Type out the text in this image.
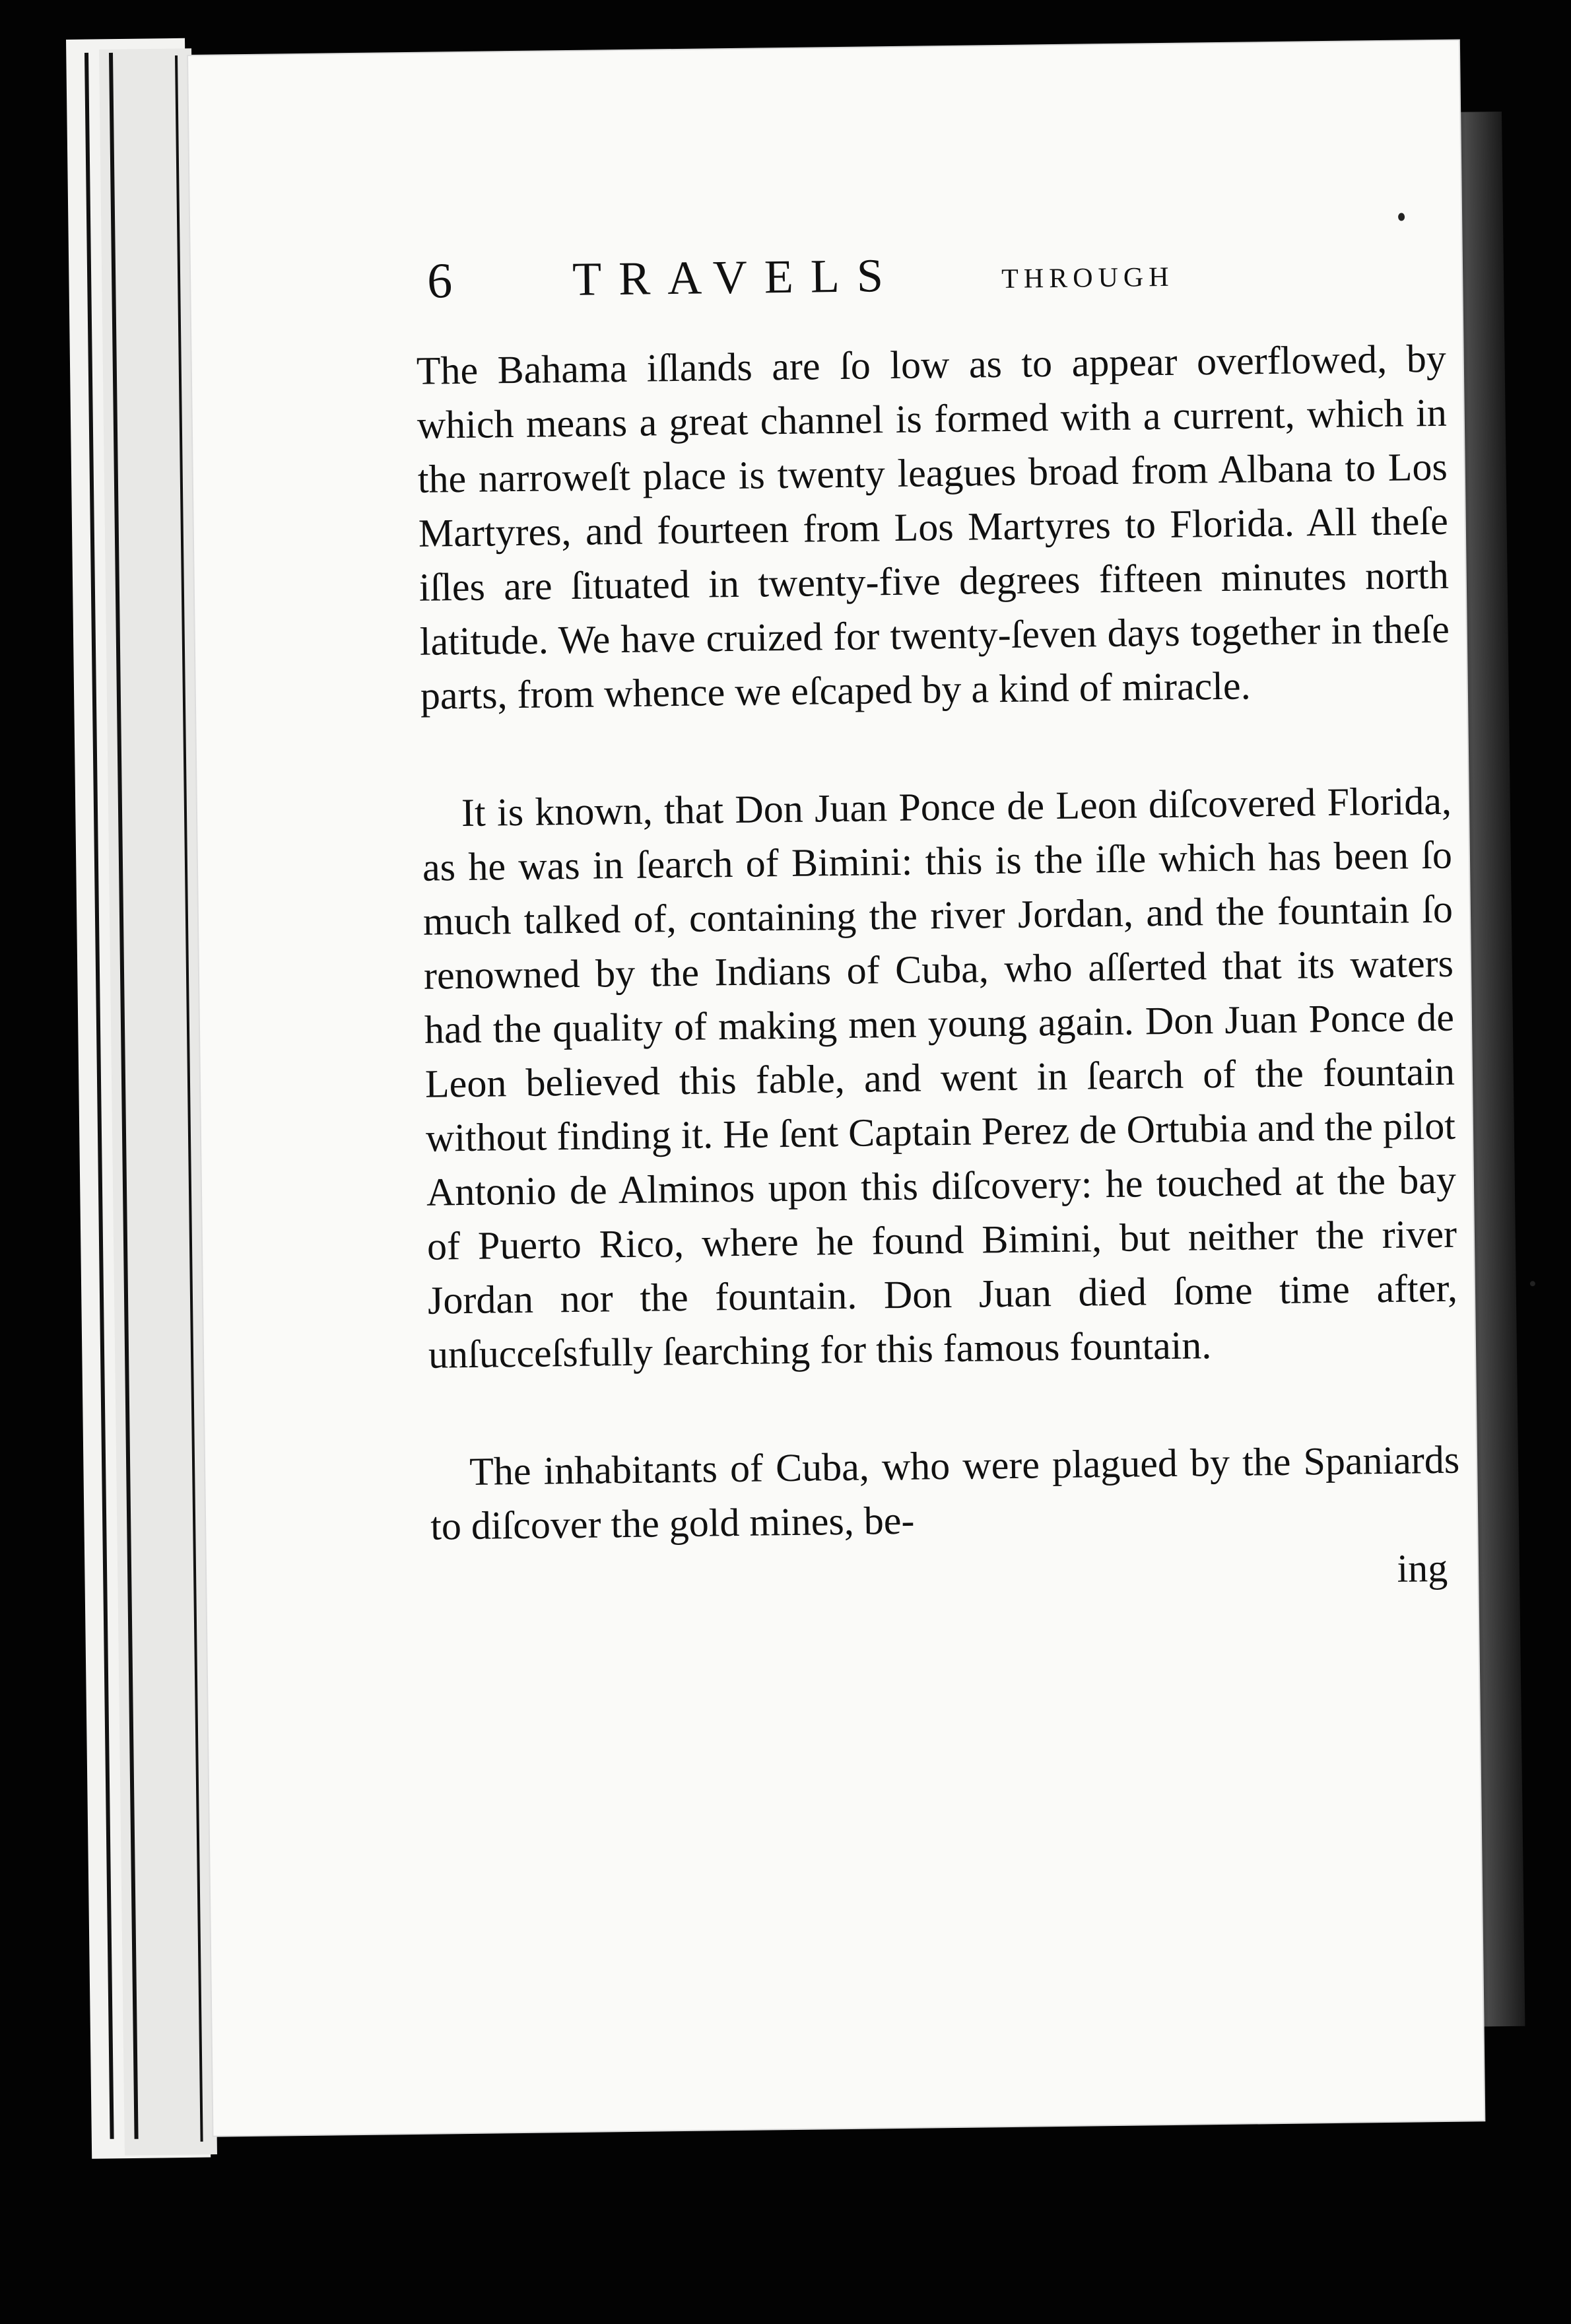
6	TRAVELS	THROUGH

The Bahama iſlands are ſo low as to appear overflowed, by which means a great channel is formed with a current, which in the narroweſt place is twenty leagues broad from Albana to Los Martyres, and fourteen from Los Martyres to Florida. All theſe iſles are ſituated in twenty-five degrees fifteen minutes north latitude. We have cruized for twenty-ſeven days together in theſe parts, from whence we eſcaped by a kind of miracle.

It is known, that Don Juan Ponce de Leon diſcovered Florida, as he was in ſearch of Bimini: this is the iſle which has been ſo much talked of, containing the river Jordan, and the fountain ſo renowned by the Indians of Cuba, who aſſerted that its waters had the quality of making men young again. Don Juan Ponce de Leon believed this fable, and went in ſearch of the fountain without finding it. He ſent Captain Perez de Ortubia and the pilot Antonio de Alminos upon this diſcovery: he touched at the bay of Puerto Rico, where he found Bimini, but neither the river Jordan nor the fountain. Don Juan died ſome time after, unſucceſsfully ſearching for this famous fountain.

The inhabitants of Cuba, who were plagued by the Spaniards to diſcover the gold mines, be-

ing
